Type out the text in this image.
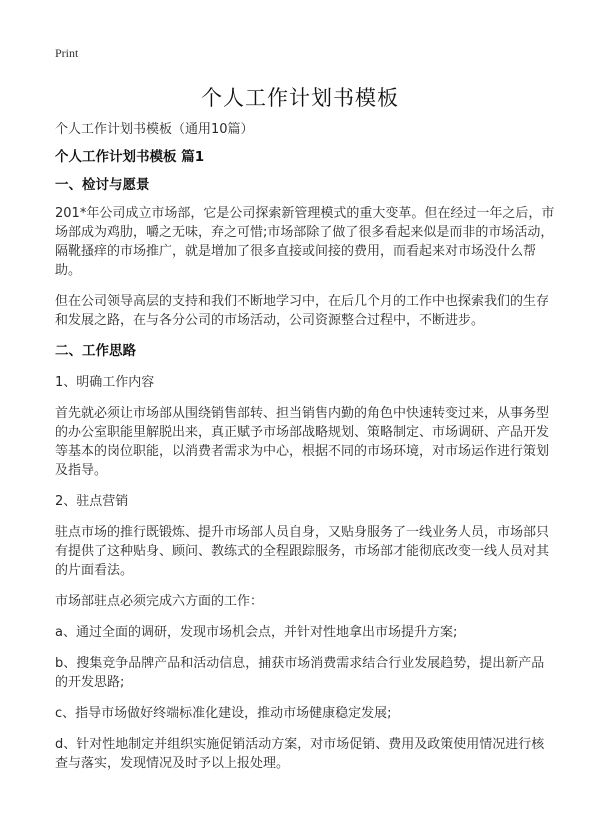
Print
个人工作计划书模板

个人工作计划书模板（通用10篇）

个人工作计划书模板 篇1

一、检讨与愿景

201*年公司成立市场部，它是公司探索新管理模式的重大变革。但在经过一年之后，市场部成为鸡肋，嚼之无味，弃之可惜;市场部除了做了很多看起来似是而非的市场活动，隔靴搔痒的市场推广，就是增加了很多直接或间接的费用，而看起来对市场没什么帮助。

但在公司领导高层的支持和我们不断地学习中，在后几个月的工作中也探索我们的生存和发展之路，在与各分公司的市场活动，公司资源整合过程中，不断进步。

二、工作思路

1、明确工作内容

首先就必须让市场部从围绕销售部转、担当销售内勤的角色中快速转变过来，从事务型的办公室职能里解脱出来，真正赋予市场部战略规划、策略制定、市场调研、产品开发等基本的岗位职能，以消费者需求为中心，根据不同的市场环境，对市场运作进行策划及指导。

2、驻点营销

驻点市场的推行既锻炼、提升市场部人员自身，又贴身服务了一线业务人员，市场部只有提供了这种贴身、顾问、教练式的全程跟踪服务，市场部才能彻底改变一线人员对其的片面看法。

市场部驻点必须完成六方面的工作：

a、通过全面的调研，发现市场机会点，并针对性地拿出市场提升方案;

b、搜集竞争品牌产品和活动信息，捕获市场消费需求结合行业发展趋势，提出新产品的开发思路;

c、指导市场做好终端标准化建设，推动市场健康稳定发展;

d、针对性地制定并组织实施促销活动方案，对市场促销、费用及政策使用情况进行核查与落实，发现情况及时予以上报处理。
